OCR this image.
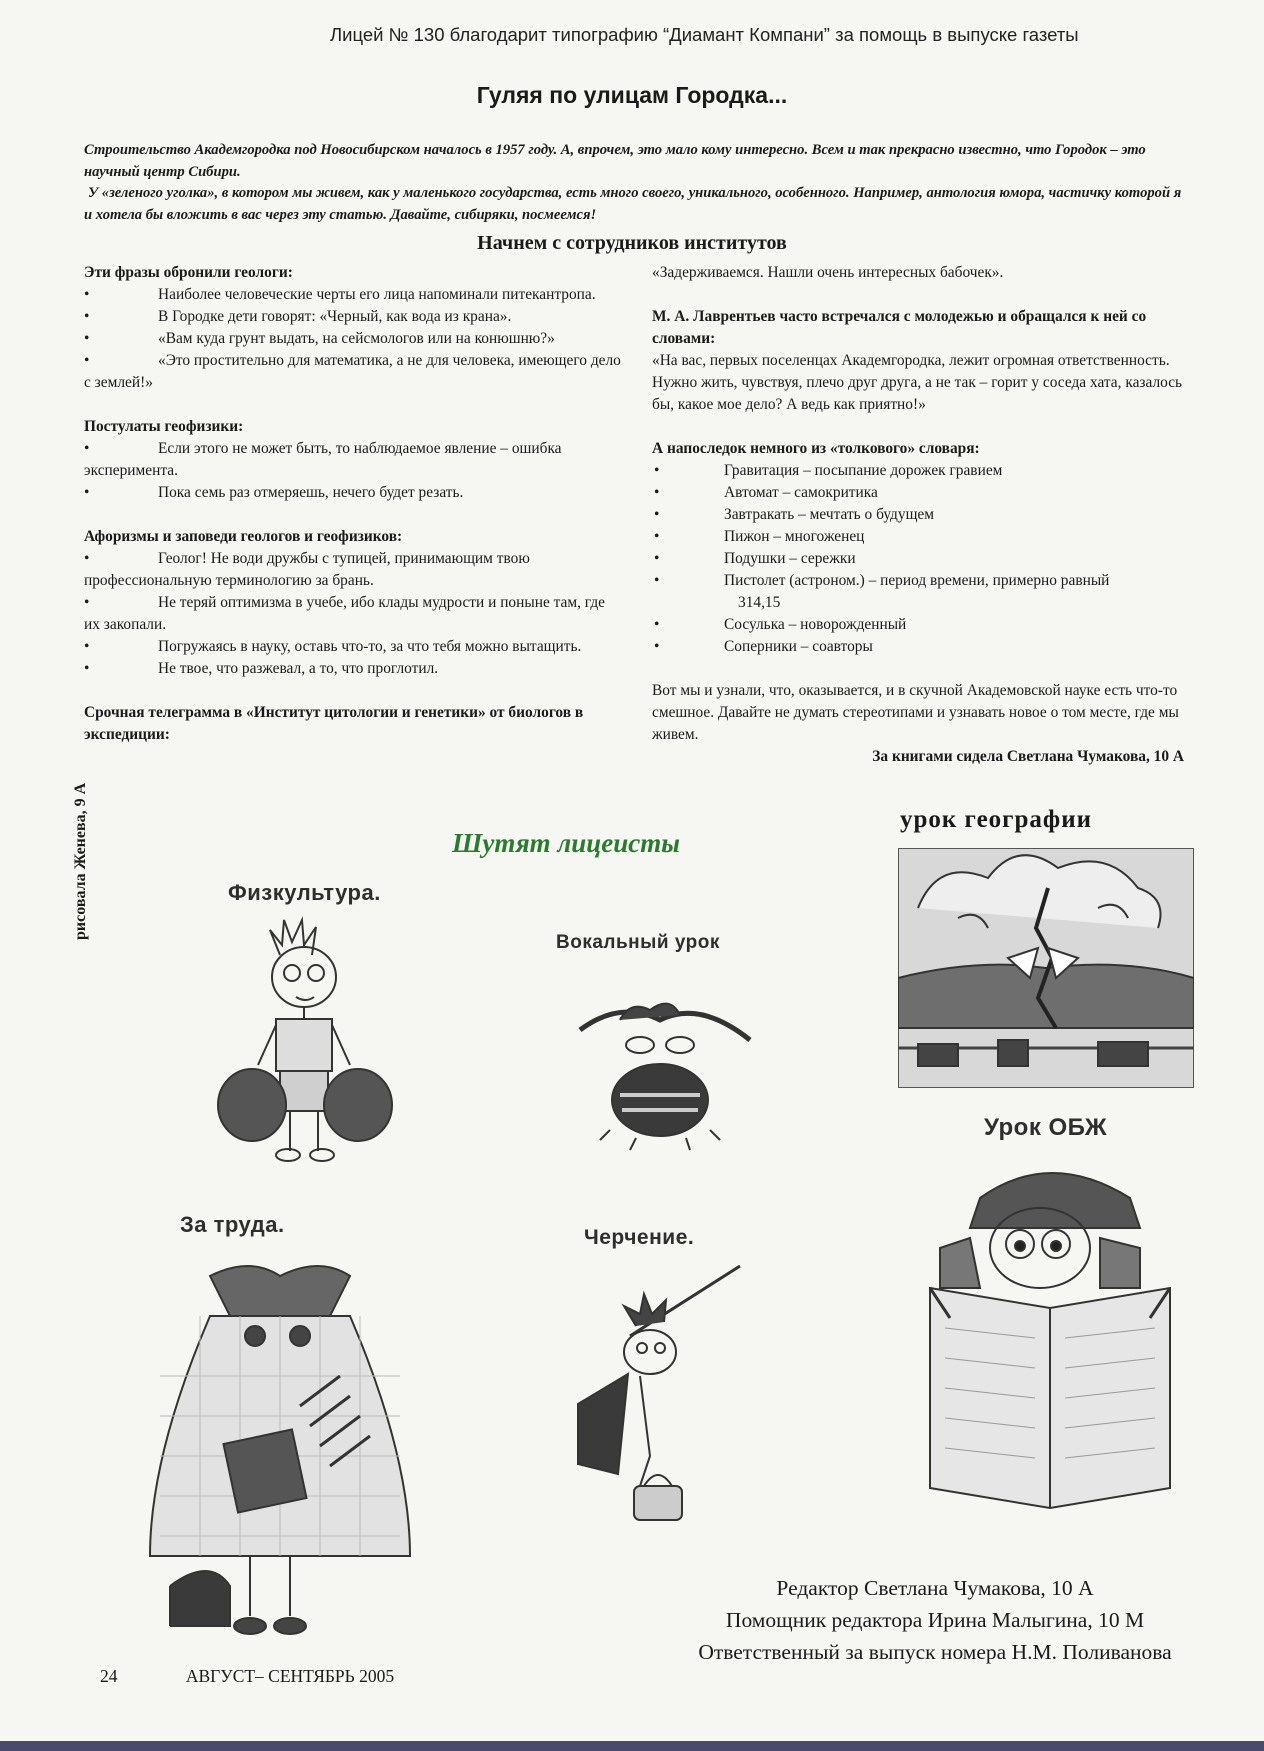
Лицей № 130 благодарит типографию “Диамант Компани” за помощь в выпуске газеты
Гуляя по улицам Городка...

Строительство Академгородка под Новосибирском началось в 1957 году. А, впрочем, это мало кому интересно. Всем и так прекрасно известно, что Городок – это научный центр Сибири.

У «зеленого уголка», в котором мы живем, как у маленького государства, есть много своего, уникального, особенного. Например, антология юмора, частичку которой я и хотела бы вложить в вас через эту статью. Давайте, сибиряки, посмеемся!

Начнем с сотрудников институтов
Эти фразы обронили геологи:
• Наиболее человеческие черты его лица напоминали питекантропа.
• В Городке дети говорят: «Черный, как вода из крана».
• «Вам куда грунт выдать, на сейсмологов или на конюшню?»
• «Это простительно для математика, а не для человека, имеющего дело с землей!»
Постулаты геофизики:
• Если этого не может быть, то наблюдаемое явление – ошибка эксперимента.
• Пока семь раз отмеряешь, нечего будет резать.
Афоризмы и заповеди геологов и геофизиков:
• Геолог! Не води дружбы с тупицей, принимающим твою профессиональную терминологию за брань.
• Не теряй оптимизма в учебе, ибо клады мудрости и поныне там, где их закопали.
• Погружаясь в науку, оставь что-то, за что тебя можно вытащить.
• Не твое, что разжевал, а то, что проглотил.
Срочная телеграмма в «Институт цитологии и генетики» от биологов в экспедиции:
«Задерживаемся. Нашли очень интересных бабочек».
М. А. Лаврентьев часто встречался с молодежью и обращался к ней со словами:
«На вас, первых поселенцах Академгородка, лежит огромная ответственность. Нужно жить, чувствуя, плечо друг друга, а не так – горит у соседа хата, казалось бы, какое мое дело? А ведь как приятно!»
А напоследок немного из «толкового» словаря:
• Гравитация – посыпание дорожек гравием
• Автомат – самокритика
• Завтракать – мечтать о будущем
• Пижон – многоженец
• Подушки – сережки
• Пистолет (астроном.) – период времени, примерно равный
314,15
• Сосулька – новорожденный
• Соперники – соавторы
Вот мы и узнали, что, оказывается, и в скучной Академовской науке есть что-то смешное. Давайте не думать стереотипами и узнавать новое о том месте, где мы живем.
За книгами сидела Светлана Чумакова, 10 А
Шутят лицеисты
урок географии
рисовала Женева, 9 А	Физкультура.
Вокальный урок
За труда.
Черчение.
Урок ОБЖ
Редактор Светлана Чумакова, 10 А
Помощник редактора Ирина Малыгина, 10 М
Ответственный за выпуск номера Н.М. Поливанова
24	АВГУСТ– СЕНТЯБРЬ 2005
